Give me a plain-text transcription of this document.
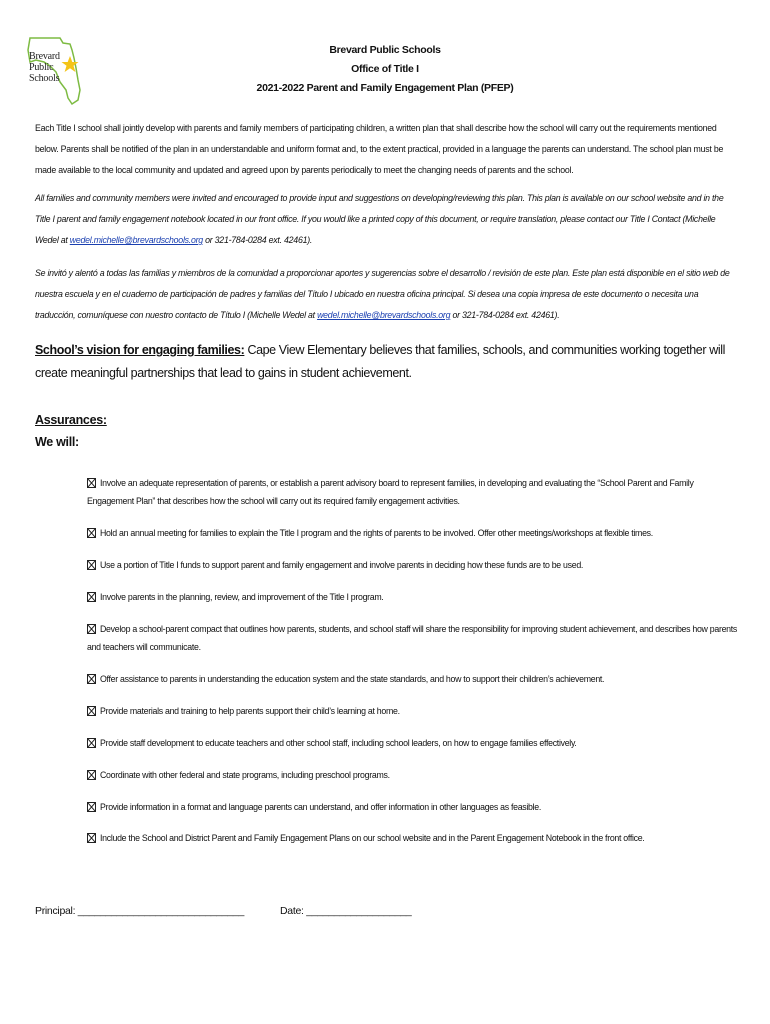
Brevard
Public
Schools
Brevard Public Schools
Office of Title I
2021-2022 Parent and Family Engagement Plan (PFEP)
Each Title I school shall jointly develop with parents and family members of participating children, a written plan that shall describe how the school will carry out the requirements mentioned below. Parents shall be notified of the plan in an understandable and uniform format and, to the extent practical, provided in a language the parents can understand. The school plan must be made available to the local community and updated and agreed upon by parents periodically to meet the changing needs of parents and the school.
All families and community members were invited and encouraged to provide input and suggestions on developing/reviewing this plan. This plan is available on our school website and in the Title I parent and family engagement notebook located in our front office. If you would like a printed copy of this document, or require translation, please contact our Title I Contact (Michelle Wedel at wedel.michelle@brevardschools.org or 321-784-0284 ext. 42461).
Se invitó y alentó a todas las familias y miembros de la comunidad a proporcionar aportes y sugerencias sobre el desarrollo / revisión de este plan. Este plan está disponible en el sitio web de nuestra escuela y en el cuaderno de participación de padres y familias del Título I ubicado en nuestra oficina principal. Si desea una copia impresa de este documento o necesita una traducción, comuníquese con nuestro contacto de Título I (Michelle Wedel at wedel.michelle@brevardschools.org or 321-784-0284 ext. 42461).
School’s vision for engaging families: Cape View Elementary believes that families, schools, and communities working together will create meaningful partnerships that lead to gains in student achievement.
Assurances:
We will:
Involve an adequate representation of parents, or establish a parent advisory board to represent families, in developing and evaluating the “School Parent and Family Engagement Plan” that describes how the school will carry out its required family engagement activities.
Hold an annual meeting for families to explain the Title I program and the rights of parents to be involved. Offer other meetings/workshops at flexible times.
Use a portion of Title I funds to support parent and family engagement and involve parents in deciding how these funds are to be used.
Involve parents in the planning, review, and improvement of the Title I program.
Develop a school-parent compact that outlines how parents, students, and school staff will share the responsibility for improving student achievement, and describes how parents and teachers will communicate.
Offer assistance to parents in understanding the education system and the state standards, and how to support their children’s achievement.
Provide materials and training to help parents support their child’s learning at home.
Provide staff development to educate teachers and other school staff, including school leaders, on how to engage families effectively.
Coordinate with other federal and state programs, including preschool programs.
Provide information in a format and language parents can understand, and offer information in other languages as feasible.
Include the School and District Parent and Family Engagement Plans on our school website and in the Parent Engagement Notebook in the front office.
Principal: ______________________________	Date: ___________________
